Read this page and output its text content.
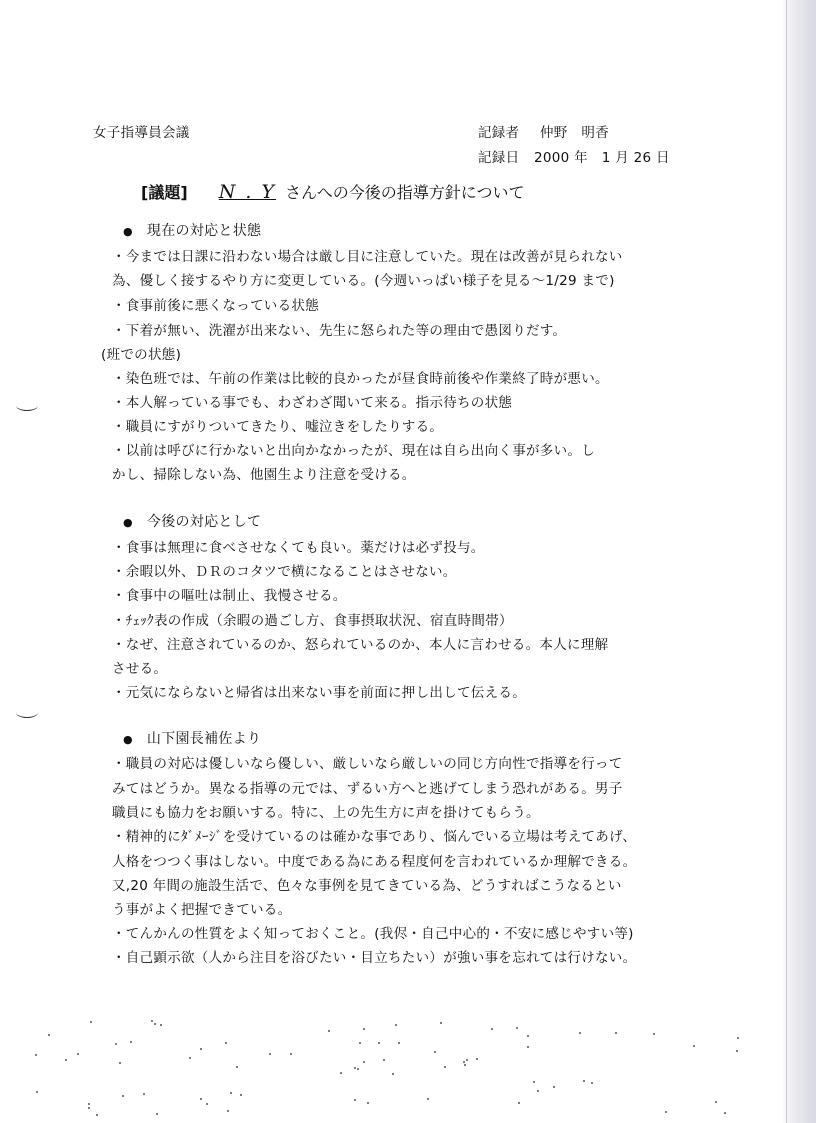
女子指導員会議	記録者 仲野　明香
記録日 2000 年　1 月 26 日
[議題] N . Y さんへの今後の指導方針について
● 現在の対応と状態
・今までは日課に沿わない場合は厳し目に注意していた。現在は改善が見られない
為、優しく接するやり方に変更している。(今週いっぱい様子を見る～1/29 まで)
・食事前後に悪くなっている状態
・下着が無い、洗濯が出来ない、先生に怒られた等の理由で愚図りだす。
(班での状態)
・染色班では、午前の作業は比較的良かったが昼食時前後や作業終了時が悪い。
・本人解っている事でも、わざわざ聞いて来る。指示待ちの状態
・職員にすがりついてきたり、嘘泣きをしたりする。
・以前は呼びに行かないと出向かなかったが、現在は自ら出向く事が多い。し
かし、掃除しない為、他園生より注意を受ける。
● 今後の対応として
・食事は無理に食べさせなくても良い。薬だけは必ず投与。
・余暇以外、ＤＲのコタツで横になることはさせない。
・食事中の嘔吐は制止、我慢させる。
・ﾁｪｯｸ表の作成（余暇の過ごし方、食事摂取状況、宿直時間帯）
・なぜ、注意されているのか、怒られているのか、本人に言わせる。本人に理解
させる。
・元気にならないと帰省は出来ない事を前面に押し出して伝える。
● 山下園長補佐より
・職員の対応は優しいなら優しい、厳しいなら厳しいの同じ方向性で指導を行って
みてはどうか。異なる指導の元では、ずるい方へと逃げてしまう恐れがある。男子
職員にも協力をお願いする。特に、上の先生方に声を掛けてもらう。
・精神的にﾀﾞﾒｰｼﾞを受けているのは確かな事であり、悩んでいる立場は考えてあげ、
人格をつつく事はしない。中度である為にある程度何を言われているか理解できる。
又,20 年間の施設生活で、色々な事例を見てきている為、どうすればこうなるとい
う事がよく把握できている。
・てんかんの性質をよく知っておくこと。(我侭・自己中心的・不安に感じやすい等)
・自己顕示欲（人から注目を浴びたい・目立ちたい）が強い事を忘れては行けない。
